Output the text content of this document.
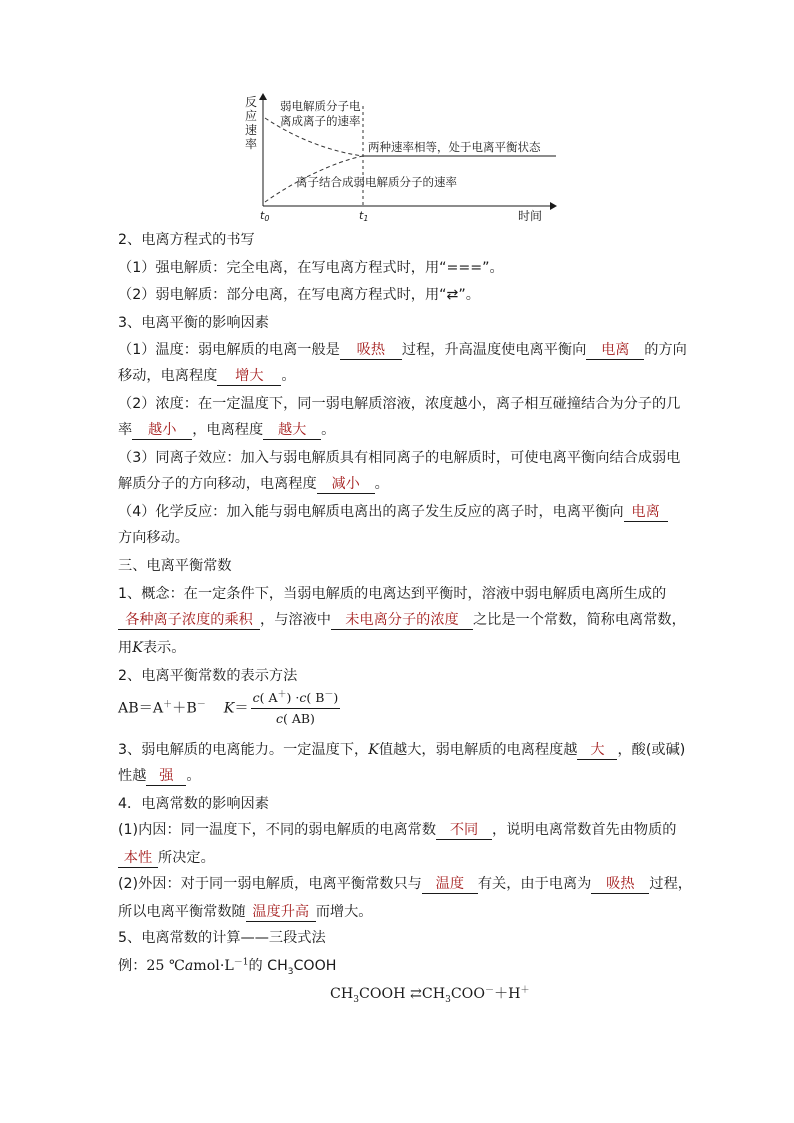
反
应
速
率
弱电解质分子电
离成离子的速率
两种速率相等，处于电离平衡状态
离子结合成弱电解质分子的速率
t0	t1	时间
2、电离方程式的书写
（1）强电解质：完全电离，在写电离方程式时，用“===”。
（2）弱电解质：部分电离，在写电离方程式时，用“⇄”。
3、电离平衡的影响因素
（1）温度：弱电解质的电离一般是 吸热 过程，升高温度使电离平衡向 电离 的方向
移动，电离程度 增大 。
（2）浓度：在一定温度下，同一弱电解质溶液，浓度越小，离子相互碰撞结合为分子的几
率 越小 ，电离程度 越大 。
（3）同离子效应：加入与弱电解质具有相同离子的电解质时，可使电离平衡向结合成弱电
解质分子的方向移动，电离程度 减小 。
（4）化学反应：加入能与弱电解质电离出的离子发生反应的离子时，电离平衡向 电离
方向移动。
三、电离平衡常数
1、概念：在一定条件下，当弱电解质的电离达到平衡时，溶液中弱电解质电离所生成的
各种离子浓度的乘积 ，与溶液中 未电离分子的浓度 之比是一个常数，简称电离常数，
用K表示。
2、电离平衡常数的表示方法
AB＝A＋＋B－ $K= \frac{c( A^+) \cdot c( B^-)}{c( AB)}$
3、弱电解质的电离能力。一定温度下，K值越大，弱电解质的电离程度越 大 ，酸(或碱)
性越 强 。
4．电离常数的影响因素
(1)内因：同一温度下，不同的弱电解质的电离常数 不同 ，说明电离常数首先由物质的
本性 所决定。
(2)外因：对于同一弱电解质，电离平衡常数只与 温度 有关，由于电离为 吸热 过程，
所以电离平衡常数随 温度升高 而增大。
5、电离常数的计算——三段式法
例：25 $℃amol\cdot L^{-1}$的 $CH_3COOH$
$CH_3COOH$ $⇄CH_3COO^-+H^+$
